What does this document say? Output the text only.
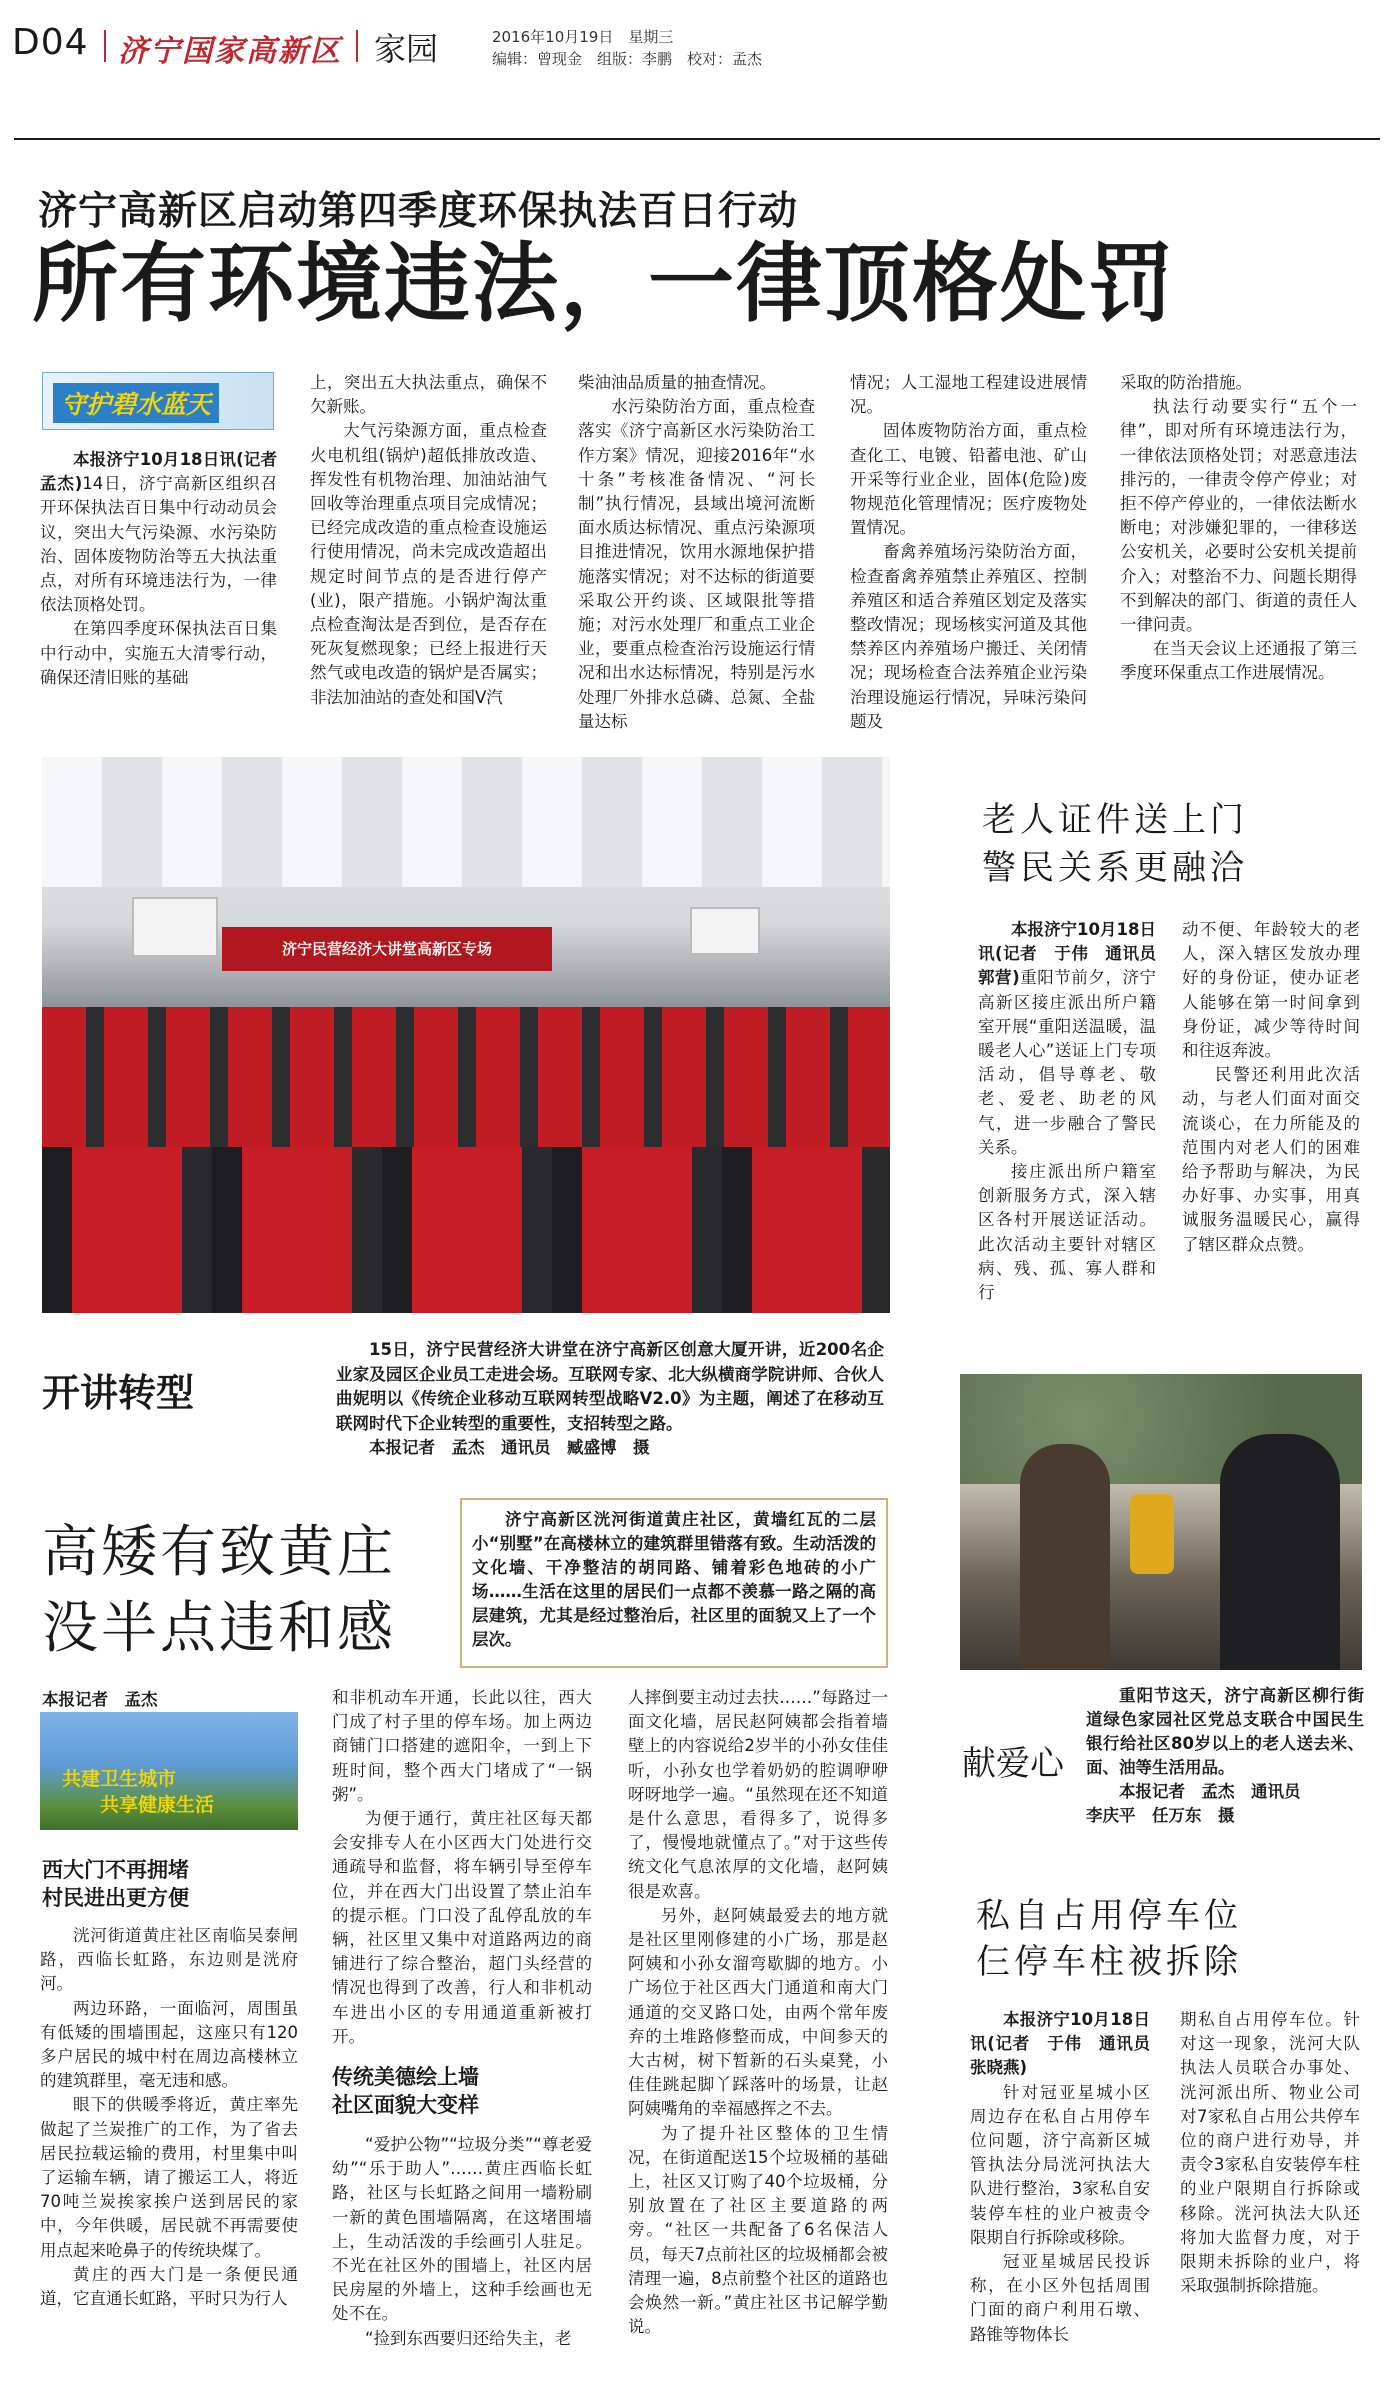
D04 济宁国家高新区 家园	2016年10月19日　星期三
编辑：曾现金　组版：李鹏　校对：孟杰
济宁高新区启动第四季度环保执法百日行动
所有环境违法，一律顶格处罚
守护碧水蓝天

本报济宁10月18日讯(记者　孟杰)14日，济宁高新区组织召开环保执法百日集中行动动员会议，突出大气污染源、水污染防治、固体废物防治等五大执法重点，对所有环境违法行为，一律依法顶格处罚。

在第四季度环保执法百日集中行动中，实施五大清零行动，确保还清旧账的基础

上，突出五大执法重点，确保不欠新账。

大气污染源方面，重点检查火电机组(锅炉)超低排放改造、挥发性有机物治理、加油站油气回收等治理重点项目完成情况；已经完成改造的重点检查设施运行使用情况，尚未完成改造超出规定时间节点的是否进行停产(业)，限产措施。小锅炉淘汰重点检查淘汰是否到位，是否存在死灰复燃现象；已经上报进行天然气或电改造的锅炉是否属实；非法加油站的查处和国Ⅴ汽

柴油油品质量的抽查情况。

水污染防治方面，重点检查落实《济宁高新区水污染防治工作方案》情况，迎接2016年“水十条”考核准备情况、“河长制”执行情况，县域出境河流断面水质达标情况、重点污染源项目推进情况，饮用水源地保护措施落实情况；对不达标的街道要采取公开约谈、区域限批等措施；对污水处理厂和重点工业企业，要重点检查治污设施运行情况和出水达标情况，特别是污水处理厂外排水总磷、总氮、全盐量达标

情况；人工湿地工程建设进展情况。

固体废物防治方面，重点检查化工、电镀、铅蓄电池、矿山开采等行业企业，固体(危险)废物规范化管理情况；医疗废物处置情况。

畜禽养殖场污染防治方面，检查畜禽养殖禁止养殖区、控制养殖区和适合养殖区划定及落实整改情况；现场核实河道及其他禁养区内养殖场户搬迁、关闭情况；现场检查合法养殖企业污染治理设施运行情况，异味污染问题及

采取的防治措施。

执法行动要实行“五个一律”，即对所有环境违法行为，一律依法顶格处罚；对恶意违法排污的，一律责令停产停业；对拒不停产停业的，一律依法断水断电；对涉嫌犯罪的，一律移送公安机关，必要时公安机关提前介入；对整治不力、问题长期得不到解决的部门、街道的责任人一律问责。

在当天会议上还通报了第三季度环保重点工作进展情况。

济宁民营经济大讲堂高新区专场
开讲转型

15日，济宁民营经济大讲堂在济宁高新区创意大厦开讲，近200名企业家及园区企业员工走进会场。互联网专家、北大纵横商学院讲师、合伙人曲妮明以《传统企业移动互联网转型战略V2.0》为主题，阐述了在移动互联网时代下企业转型的重要性，支招转型之路。

本报记者　孟杰　通讯员　臧盛博　摄

老人证件送上门
警民关系更融洽

本报济宁10月18日讯(记者　于伟　通讯员　郭营)重阳节前夕，济宁高新区接庄派出所户籍室开展“重阳送温暖，温暖老人心”送证上门专项活动，倡导尊老、敬老、爱老、助老的风气，进一步融合了警民关系。

接庄派出所户籍室创新服务方式，深入辖区各村开展送证活动。此次活动主要针对辖区病、残、孤、寡人群和行

动不便、年龄较大的老人，深入辖区发放办理好的身份证，使办证老人能够在第一时间拿到身份证，减少等待时间和往返奔波。

民警还利用此次活动，与老人们面对面交流谈心，在力所能及的范围内对老人们的困难给予帮助与解决，为民办好事、办实事，用真诚服务温暖民心，赢得了辖区群众点赞。

献爱心

重阳节这天，济宁高新区柳行街道绿色家园社区党总支联合中国民生银行给社区80岁以上的老人送去米、面、油等生活用品。

本报记者　孟杰　通讯员

李庆平　任万东　摄

高矮有致黄庄
没半点违和感

济宁高新区洸河街道黄庄社区，黄墙红瓦的二层小“别墅”在高楼林立的建筑群里错落有致。生动活泼的文化墙、干净整洁的胡同路、铺着彩色地砖的小广场……生活在这里的居民们一点都不羡慕一路之隔的高层建筑，尤其是经过整治后，社区里的面貌又上了一个层次。

本报记者　孟杰
共建卫生城市
共享健康生活
西大门不再拥堵
村民进出更方便

洸河街道黄庄社区南临吴泰闸路，西临长虹路，东边则是洸府河。

两边环路，一面临河，周围虽有低矮的围墙围起，这座只有120多户居民的城中村在周边高楼林立的建筑群里，毫无违和感。

眼下的供暖季将近，黄庄率先做起了兰炭推广的工作，为了省去居民拉载运输的费用，村里集中叫了运输车辆，请了搬运工人，将近70吨兰炭挨家挨户送到居民的家中，今年供暖，居民就不再需要使用点起来呛鼻子的传统块煤了。

黄庄的西大门是一条便民通道，它直通长虹路，平时只为行人

和非机动车开通，长此以往，西大门成了村子里的停车场。加上两边商铺门口搭建的遮阳伞，一到上下班时间，整个西大门堵成了“一锅粥”。

为便于通行，黄庄社区每天都会安排专人在小区西大门处进行交通疏导和监督，将车辆引导至停车位，并在西大门出设置了禁止泊车的提示框。门口没了乱停乱放的车辆，社区里又集中对道路两边的商铺进行了综合整治，超门头经营的情况也得到了改善，行人和非机动车进出小区的专用通道重新被打开。

传统美德绘上墙
社区面貌大变样

“爱护公物”“垃圾分类”“尊老爱幼”“乐于助人”……黄庄西临长虹路，社区与长虹路之间用一墙粉刷一新的黄色围墙隔离，在这堵围墙上，生动活泼的手绘画引人驻足。不光在社区外的围墙上，社区内居民房屋的外墙上，这种手绘画也无处不在。

“捡到东西要归还给失主，老

人摔倒要主动过去扶……”每路过一面文化墙，居民赵阿姨都会指着墙壁上的内容说给2岁半的小孙女佳佳听，小孙女也学着奶奶的腔调咿咿呀呀地学一遍。“虽然现在还不知道是什么意思，看得多了，说得多了，慢慢地就懂点了。”对于这些传统文化气息浓厚的文化墙，赵阿姨很是欢喜。

另外，赵阿姨最爱去的地方就是社区里刚修建的小广场，那是赵阿姨和小孙女溜弯歇脚的地方。小广场位于社区西大门通道和南大门通道的交叉路口处，由两个常年废弃的土堆路修整而成，中间参天的大古树，树下暂新的石头桌凳，小佳佳跳起脚丫踩落叶的场景，让赵阿姨嘴角的幸福感挥之不去。

为了提升社区整体的卫生情况，在街道配送15个垃圾桶的基础上，社区又订购了40个垃圾桶，分别放置在了社区主要道路的两旁。“社区一共配备了6名保洁人员，每天7点前社区的垃圾桶都会被清理一遍，8点前整个社区的道路也会焕然一新。”黄庄社区书记解学勤说。

私自占用停车位
仨停车柱被拆除

本报济宁10月18日讯(记者　于伟　通讯员　张晓燕)

针对冠亚星城小区周边存在私自占用停车位问题，济宁高新区城管执法分局洸河执法大队进行整治，3家私自安装停车柱的业户被责令限期自行拆除或移除。

冠亚星城居民投诉称，在小区外包括周围门面的商户利用石墩、路锥等物体长

期私自占用停车位。针对这一现象，洸河大队执法人员联合办事处、洸河派出所、物业公司对7家私自占用公共停车位的商户进行劝导，并责令3家私自安装停车柱的业户限期自行拆除或移除。洸河执法大队还将加大监督力度，对于限期未拆除的业户，将采取强制拆除措施。
